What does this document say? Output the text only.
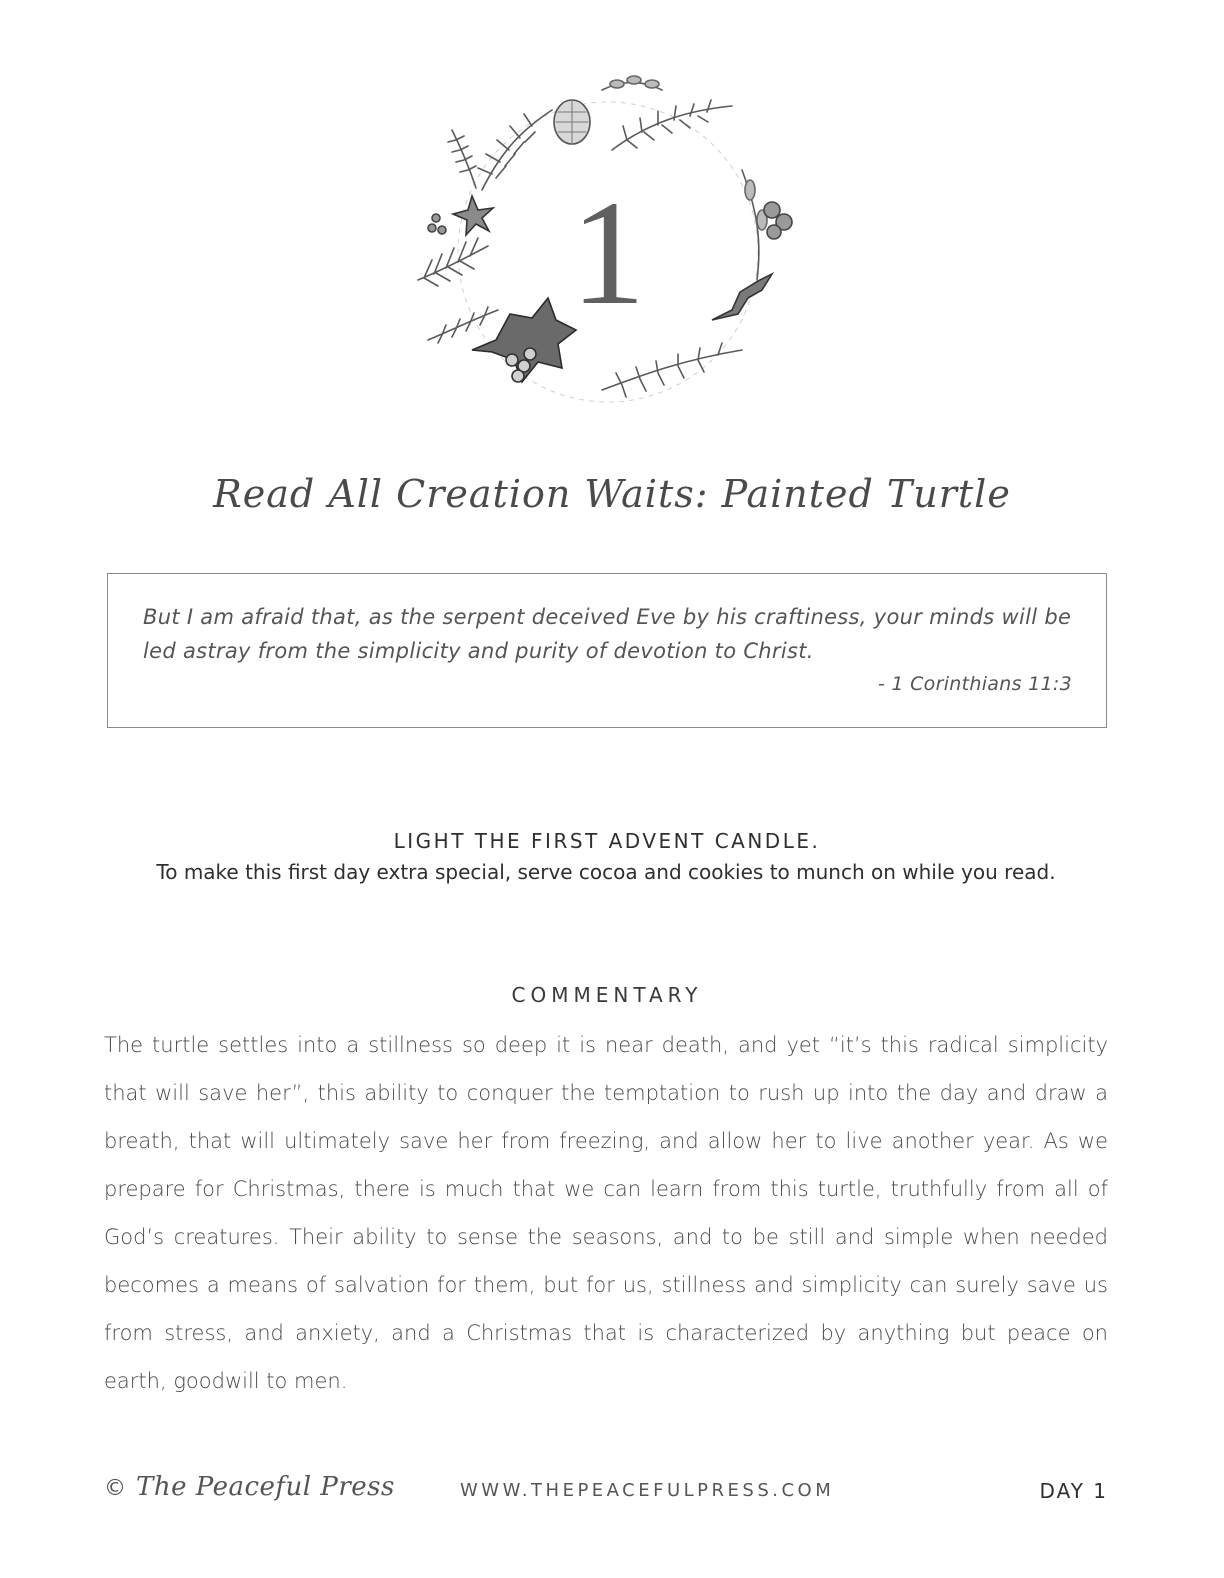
1
Read All Creation Waits: Painted Turtle
But I am afraid that, as the serpent deceived Eve by his craftiness, your minds will be led astray from the simplicity and purity of devotion to Christ.
- 1 Corinthians 11:3
LIGHT THE FIRST ADVENT CANDLE.
To make this first day extra special, serve cocoa and cookies to munch on while you read.
COMMENTARY

The turtle settles into a stillness so deep it is near death, and yet “it’s this radical simplicity that will save her”, this ability to conquer the temptation to rush up into the day and draw a breath, that will ultimately save her from freezing, and allow her to live another year. As we prepare for Christmas, there is much that we can learn from this turtle, truthfully from all of God’s creatures. Their ability to sense the seasons, and to be still and simple when needed becomes a means of salvation for them, but for us, stillness and simplicity can surely save us from stress, and anxiety, and a Christmas that is characterized by anything but peace on earth, goodwill to men.

© The Peaceful Press	WWW.THEPEACEFULPRESS.COM	DAY 1
